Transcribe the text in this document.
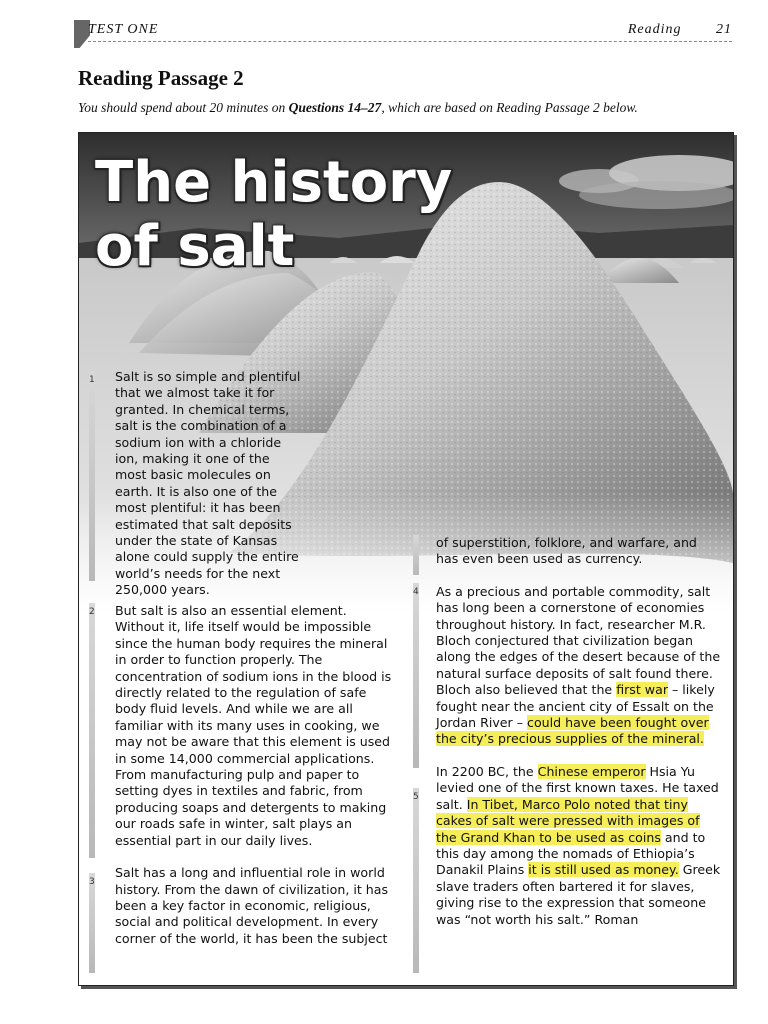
TEST ONE	Reading 21
Reading Passage 2
You should spend about 20 minutes on Questions 14–27, which are based on Reading Passage 2 below.
The history
of salt
1
2
3

Salt is so simple and plentiful that we almost take it for granted. In chemical terms, salt is the combination of a sodium ion with a chloride ion, making it one of the most basic molecules on earth. It is also one of the most plentiful: it has been estimated that salt deposits under the state of Kansas alone could supply the entire world’s needs for the next 250,000 years.

But salt is also an essential element. Without it, life itself would be impossible since the human body requires the mineral in order to function properly. The concentration of sodium ions in the blood is directly related to the regulation of safe body fluid levels. And while we are all familiar with its many uses in cooking, we may not be aware that this element is used in some 14,000 commercial applications. From manufacturing pulp and paper to setting dyes in textiles and fabric, from producing soaps and detergents to making our roads safe in winter, salt plays an essential part in our daily lives.

Salt has a long and influential role in world history. From the dawn of civilization, it has been a key factor in economic, religious, social and political development. In every corner of the world, it has been the subject

4
5

of superstition, folklore, and warfare, and has even been used as currency.

As a precious and portable commodity, salt has long been a cornerstone of economies throughout history. In fact, researcher M.R. Bloch conjectured that civilization began along the edges of the desert because of the natural surface deposits of salt found there. Bloch also believed that the first war – likely fought near the ancient city of Essalt on the Jordan River – could have been fought over the city’s precious supplies of the mineral.

In 2200 BC, the Chinese emperor Hsia Yu levied one of the first known taxes. He taxed salt. In Tibet, Marco Polo noted that tiny cakes of salt were pressed with images of the Grand Khan to be used as coins and to this day among the nomads of Ethiopia’s Danakil Plains it is still used as money. Greek slave traders often bartered it for slaves, giving rise to the expression that someone was “not worth his salt.” Roman
